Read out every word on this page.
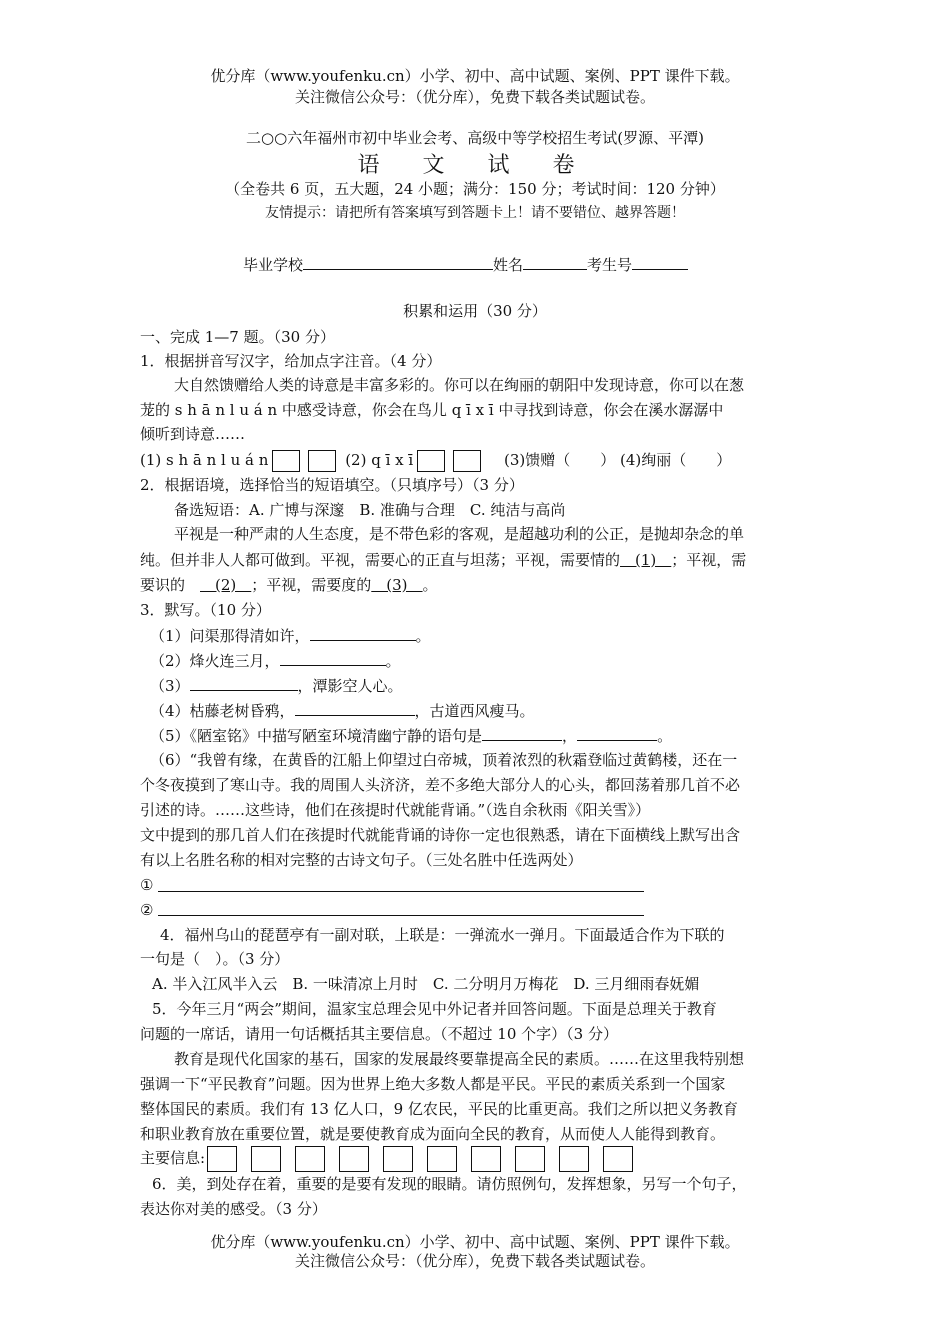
优分库（www.youfenku.cn）小学、初中、高中试题、案例、PPT 课件下载。
关注微信公众号：（优分库），免费下载各类试题试卷。
二○○六年福州市初中毕业会考、高级中等学校招生考试(罗源、平潭)
语 文 试 卷
（全卷共 6 页，五大题，24 小题；满分：150 分；考试时间：120 分钟）
友情提示：请把所有答案填写到答题卡上！请不要错位、越界答题！
毕业学校	姓名	考生号
积累和运用（30 分）
一、完成 1—7 题。（30 分）
1．根据拼音写汉字，给加点字注音。（4 分）
大自然馈赠给人类的诗意是丰富多彩的。你可以在绚丽的朝阳中发现诗意，你可以在葱
茏的 s h ā n l u á n 中感受诗意，你会在鸟儿 q ī x ī 中寻找到诗意，你会在溪水潺潺中
倾听到诗意……
(1) s h ā n l u á n	(2) q ī x ī	(3)馈赠（　　） (4)绚丽（　　）
2．根据语境，选择恰当的短语填空。（只填序号）（3 分）
备选短语：A. 广博与深邃　B. 准确与合理　C. 纯洁与高尚
平视是一种严肃的人生态度，是不带色彩的客观，是超越功利的公正，是抛却杂念的单
纯。但并非人人都可做到。平视，需要心的正直与坦荡；平视，需要情的　(1)　；平视，需
要识的　　(2)　；平视，需要度的　(3)　。
3．默写。（10 分）
（1）问渠那得清如许，	。
（2）烽火连三月，	。
（3）	，潭影空人心。
（4）枯藤老树昏鸦，	，古道西风瘦马。
（5）《陋室铭》中描写陋室环境清幽宁静的语句是	，	。
（6）“我曾有缘，在黄昏的江船上仰望过白帝城，顶着浓烈的秋霜登临过黄鹤楼，还在一
个冬夜摸到了寒山寺。我的周围人头济济，差不多绝大部分人的心头，都回荡着那几首不必
引述的诗。……这些诗，他们在孩提时代就能背诵。”（选自余秋雨《阳关雪》）
文中提到的那几首人们在孩提时代就能背诵的诗你一定也很熟悉，请在下面横线上默写出含
有以上名胜名称的相对完整的古诗文句子。（三处名胜中任选两处）
①
②
4．福州乌山的琵琶亭有一副对联，上联是：一弹流水一弹月。下面最适合作为下联的
一句是（　）。（3 分）
A. 半入江风半入云　B. 一味清凉上月时　C. 二分明月万梅花　D. 三月细雨春妩媚
5．今年三月“两会”期间，温家宝总理会见中外记者并回答问题。下面是总理关于教育
问题的一席话，请用一句话概括其主要信息。（不超过 10 个字）（3 分）
教育是现代化国家的基石，国家的发展最终要靠提高全民的素质。……在这里我特别想
强调一下“平民教育”问题。因为世界上绝大多数人都是平民。平民的素质关系到一个国家
整体国民的素质。我们有 13 亿人口，9 亿农民，平民的比重更高。我们之所以把义务教育
和职业教育放在重要位置，就是要使教育成为面向全民的教育，从而使人人能得到教育。
主要信息:
6．美，到处存在着，重要的是要有发现的眼睛。请仿照例句，发挥想象，另写一个句子，
表达你对美的感受。（3 分）
优分库（www.youfenku.cn）小学、初中、高中试题、案例、PPT 课件下载。
关注微信公众号：（优分库），免费下载各类试题试卷。
